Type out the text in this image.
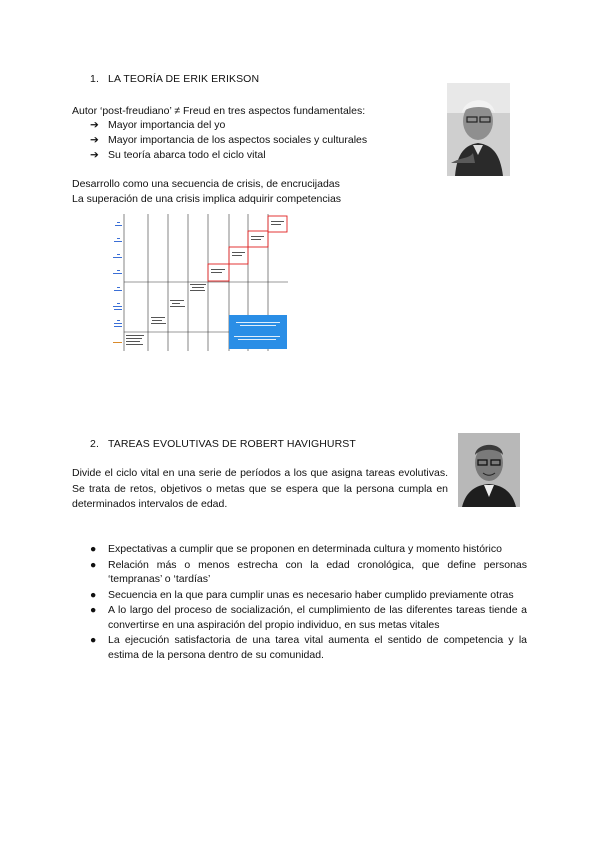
1. LA TEORÍA DE ERIK ERIKSON
Autor ‘post-freudiano’ ≠ Freud en tres aspectos fundamentales:
➔ Mayor importancia del yo
➔ Mayor importancia de los aspectos sociales y culturales
➔ Su teoría abarca todo el ciclo vital
Desarrollo como una secuencia de crisis, de encrucijadas
La superación de una crisis implica adquirir competencias
2. TAREAS EVOLUTIVAS DE ROBERT HAVIGHURST
Divide el ciclo vital en una serie de períodos a los que asigna tareas evolutivas. Se trata de retos, objetivos o metas que se espera que la persona cumpla en determinados intervalos de edad.
●	Expectativas a cumplir que se proponen en determinada cultura y momento histórico
●	Relación más o menos estrecha con la edad cronológica, que define personas ‘tempranas’ o ‘tardías’
●	Secuencia en la que para cumplir unas es necesario haber cumplido previamente otras
●	A lo largo del proceso de socialización, el cumplimiento de las diferentes tareas tiende a convertirse en una aspiración del propio individuo, en sus metas vitales
●	La ejecución satisfactoria de una tarea vital aumenta el sentido de competencia y la estima de la persona dentro de su comunidad.
